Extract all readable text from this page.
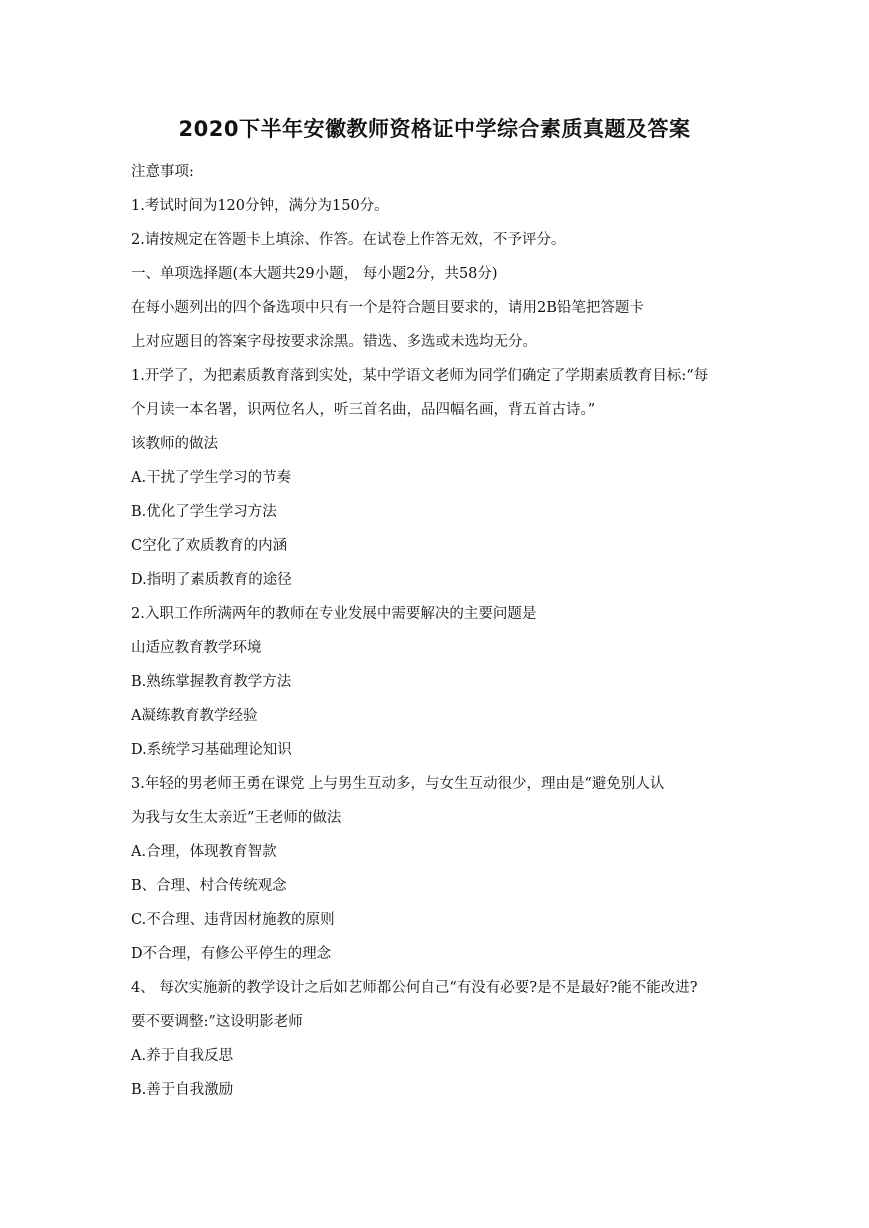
2020下半年安徽教师资格证中学综合素质真题及答案
注意事项:
1.考试时间为120分钟，满分为150分。
2.请按规定在答题卡上填涂、作答。在试卷上作答无效，不予评分。
一、单项选择题(本大题共29小题， 每小题2分，共58分)
在每小题列出的四个备选项中只有一个是符合题目要求的，请用2B铅笔把答题卡
上对应题目的答案字母按要求涂黑。错选、多选或未选均无分。
1.开学了，为把素质教育落到实处，某中学语文老师为同学们确定了学期素质教育目标:“每
个月读一本名署，识两位名人，听三首名曲，品四幅名画，背五首古诗。”
该教师的做法
A.干扰了学生学习的节奏
B.优化了学生学习方法
C空化了欢质教育的内涵
D.指明了素质教育的途径
2.入职工作所满两年的教师在专业发展中需要解决的主要问题是
山适应教育教学环境
B.熟练掌握教育教学方法
A凝练教育教学经验
D.系统学习基础理论知识
3.年轻的男老师王勇在课党 上与男生互动多，与女生互动很少，理由是“避免别人认
为我与女生太亲近”王老师的做法
A.合理，体现教育智款
B、合理、村合传统观念
C.不合理、违背因材施教的原则
D不合理，有修公平停生的理念
4、 每次实施新的教学设计之后如艺师都公何自己“有没有必要?是不是最好?能不能改进?
要不要调整:”这设明影老师
A.养于自我反思
B.善于自我激励
